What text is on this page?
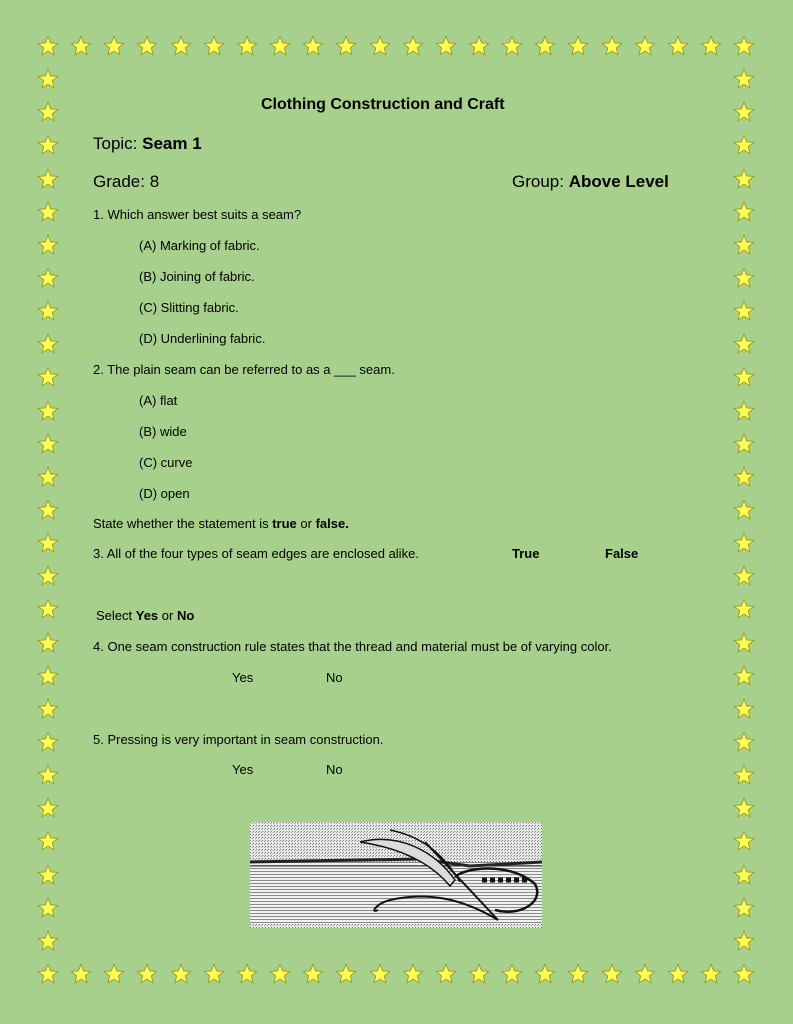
Clothing Construction and Craft
Topic: Seam 1
Grade: 8	Group: Above Level
1. Which answer best suits a seam?
(A) Marking of fabric.
(B) Joining of fabric.
(C) Slitting fabric.
(D) Underlining fabric.
2. The plain seam can be referred to as a ___ seam.
(A) flat
(B) wide
(C) curve
(D) open
State whether the statement is true or false.
3. All of the four types of seam edges are enclosed alike.	True	False
Select Yes or No
4. One seam construction rule states that the thread and material must be of varying color.
Yes	No
5. Pressing is very important in seam construction.
Yes	No
